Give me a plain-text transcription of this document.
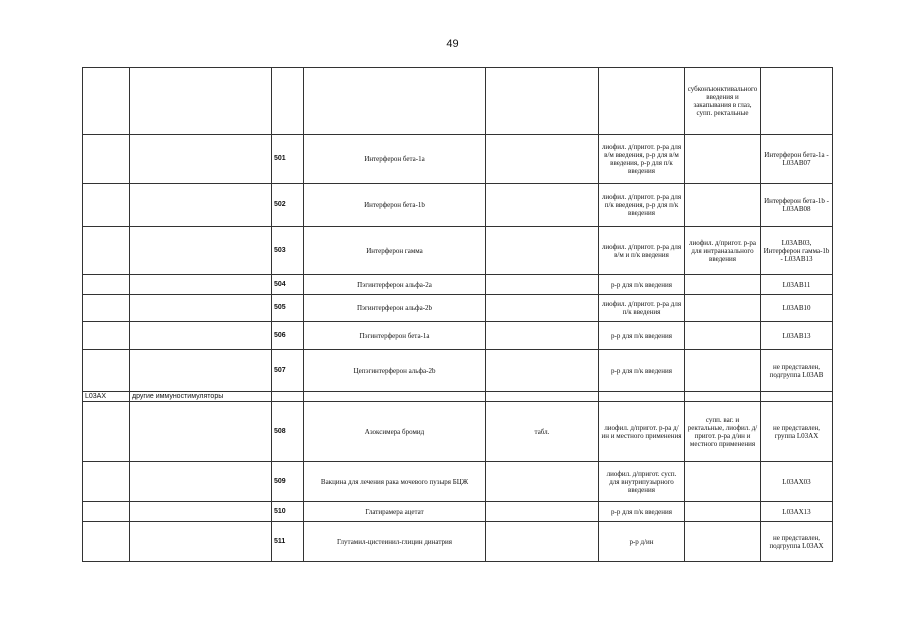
49
						субконъюнктивального введения и закапывания в глаз, супп. ректальные	
		501	Интерферон бета-1а		лиофил. д/пригот. р-ра для в/м введения, р-р для в/м введения, р-р для п/к введения		Интерферон бета-1а - L03AB07
		502	Интерферон бета-1b		лиофил. д/пригот. р-ра для п/к введения, р-р для п/к введения		Интерферон бета-1b - L03AB08
		503	Интерферон гамма		лиофил. д/пригот. р-ра для в/м и п/к введения	лиофил. д/пригот. р-ра для интраназального введения	L03AB03, Интерферон гамма-1b - L03AB13
		504	Пэгинтерферон альфа-2a		р-р для п/к введения		L03AB11
		505	Пэгинтерферон альфа-2b		лиофил. д/пригот. р-ра для п/к введения		L03AB10
		506	Пэгинтерферон бета-1a		р-р для п/к введения		L03AB13
		507	Цепэгинтерферон альфа-2b		р-р для п/к введения		не представлен, подгруппа L03AB
L03AX	другие иммуностимуляторы						
		508	Азоксимера бромид	табл.	лиофил. д/пригот. р-ра д/ин и местного применения	супп. ваг. и ректальные, лиофил. д/пригот. р-ра д/ин и местного применения	не представлен, группа L03AX
		509	Вакцина для лечения рака мочевого пузыря БЦЖ		лиофил. д/пригот. сусп. для внутрипузырного введения		L03AX03
		510	Глатирамера ацетат		р-р для п/к введения		L03AX13
		511	Глутамил-цистеинил-глицин динатрия		р-р д/ин		не представлен, подгруппа L03AX
